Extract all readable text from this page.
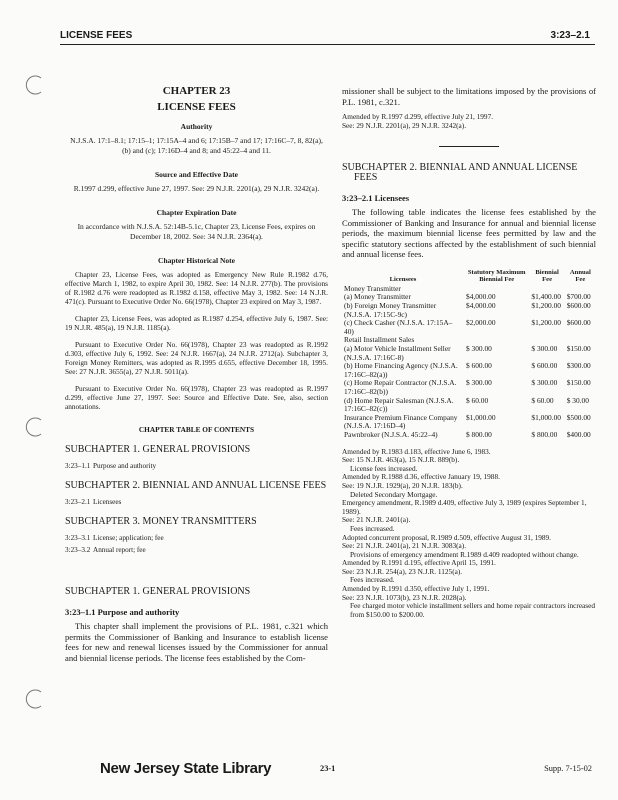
LICENSE FEES	3:23–2.1
CHAPTER 23
LICENSE FEES
Authority
N.J.S.A. 17:1–8.1; 17:15–1; 17:15A–4 and 6; 17:15B–7 and 17; 17:16C–7, 8, 82(a), (b) and (c); 17:16D–4 and 8; and 45:22–4 and 11.
Source and Effective Date
R.1997 d.299, effective June 27, 1997. See: 29 N.J.R. 2201(a), 29 N.J.R. 3242(a).
Chapter Expiration Date
In accordance with N.J.S.A. 52:14B-5.1c, Chapter 23, License Fees, expires on December 18, 2002. See: 34 N.J.R. 2364(a).
Chapter Historical Note
Chapter 23, License Fees, was adopted as Emergency New Rule R.1982 d.76, effective March 1, 1982, to expire April 30, 1982. See: 14 N.J.R. 277(b). The provisions of R.1982 d.76 were readopted as R.1982 d.158, effective May 3, 1982. See: 14 N.J.R. 471(c). Pursuant to Executive Order No. 66(1978), Chapter 23 expired on May 3, 1987.
Chapter 23, License Fees, was adopted as R.1987 d.254, effective July 6, 1987. See: 19 N.J.R. 485(a), 19 N.J.R. 1185(a).
Pursuant to Executive Order No. 66(1978), Chapter 23 was readopted as R.1992 d.303, effective July 6, 1992. See: 24 N.J.R. 1667(a), 24 N.J.R. 2712(a). Subchapter 3, Foreign Money Remitters, was adopted as R.1995 d.655, effective December 18, 1995. See: 27 N.J.R. 3655(a), 27 N.J.R. 5011(a).
Pursuant to Executive Order No. 66(1978), Chapter 23 was readopted as R.1997 d.299, effective June 27, 1997. See: Source and Effective Date. See, also, section annotations.
CHAPTER TABLE OF CONTENTS
SUBCHAPTER 1. GENERAL PROVISIONS
3:23–1.1 Purpose and authority
SUBCHAPTER 2. BIENNIAL AND ANNUAL LICENSE FEES
3:23–2.1 Licensees
SUBCHAPTER 3. MONEY TRANSMITTERS
3:23–3.1 License; application; fee
3:23–3.2 Annual report; fee
SUBCHAPTER 1. GENERAL PROVISIONS
3:23–1.1 Purpose and authority
This chapter shall implement the provisions of P.L. 1981, c.321 which permits the Commissioner of Banking and Insurance to establish license fees for new and renewal licenses issued by the Commissioner for annual and biennial license periods. The license fees established by the Com-
missioner shall be subject to the limitations imposed by the provisions of P.L. 1981, c.321.
Amended by R.1997 d.299, effective July 21, 1997.
See: 29 N.J.R. 2201(a), 29 N.J.R. 3242(a).
SUBCHAPTER 2. BIENNIAL AND ANNUAL LICENSE FEES
3:23–2.1 Licensees
The following table indicates the license fees established by the Commissioner of Banking and Insurance for annual and biennial license periods, the maximum biennial license fees permitted by law and the specific statutory sections affected by the establishment of such biennial and annual license fees.
Licensees	Statutory Maximum Biennial Fee	Biennial Fee	Annual Fee
Money Transmitter			
(a) Money Transmitter	$4,000.00	$1,400.00	$700.00
(b) Foreign Money Transmitter (N.J.S.A. 17:15C-9c)	$4,000.00	$1,200.00	$600.00
(c) Check Casher (N.J.S.A. 17:15A–40)	$2,000.00	$1,200.00	$600.00
Retail Installment Sales			
(a) Motor Vehicle Installment Seller (N.J.S.A. 17:16C-8)	$ 300.00	$ 300.00	$150.00
(b) Home Financing Agency (N.J.S.A. 17:16C–82(a))	$ 600.00	$ 600.00	$300.00
(c) Home Repair Contractor (N.J.S.A. 17:16C–82(b))	$ 300.00	$ 300.00	$150.00
(d) Home Repair Salesman (N.J.S.A. 17:16C–82(c))	$ 60.00	$ 60.00	$ 30.00
Insurance Premium Finance Company (N.J.S.A. 17:16D–4)	$1,000.00	$1,000.00	$500.00
Pawnbroker (N.J.S.A. 45:22–4)	$ 800.00	$ 800.00	$400.00
Amended by R.1983 d.183, effective June 6, 1983.
See: 15 N.J.R. 463(a), 15 N.J.R. 889(b).
License fees increased.
Amended by R.1988 d.36, effective January 19, 1988.
See: 19 N.J.R. 1929(a), 20 N.J.R. 183(b).
Deleted Secondary Mortgage.
Emergency amendment, R.1989 d.409, effective July 3, 1989 (expires September 1, 1989).
See: 21 N.J.R. 2401(a).
Fees increased.
Adopted concurrent proposal, R.1989 d.509, effective August 31, 1989.
See: 21 N.J.R. 2401(a), 21 N.J.R. 3083(a).
Provisions of emergency amendment R.1989 d.409 readopted without change.
Amended by R.1991 d.195, effective April 15, 1991.
See: 23 N.J.R. 254(a), 23 N.J.R. 1125(a).
Fees increased.
Amended by R.1991 d.350, effective July 1, 1991.
See: 23 N.J.R. 1073(b), 23 N.J.R. 2028(a).
Fee charged motor vehicle installment sellers and home repair contractors increased from $150.00 to $200.00.
New Jersey State Library	23-1	Supp. 7-15-02
